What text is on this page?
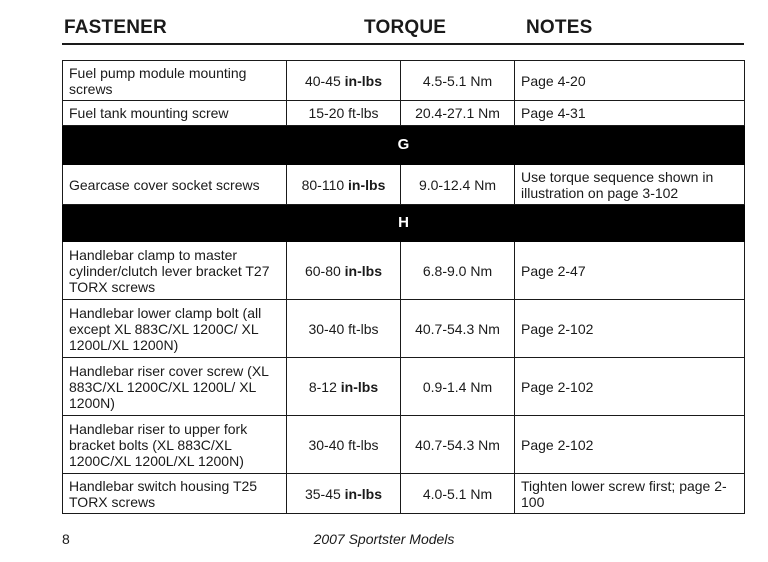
FASTENER	TORQUE	NOTES
Fuel pump module mounting screws	40-45 in-lbs	4.5-5.1 Nm	Page 4-20
Fuel tank mounting screw	15-20 ft-lbs	20.4-27.1 Nm	Page 4-31
G			
Gearcase cover socket screws	80-110 in-lbs	9.0-12.4 Nm	Use torque sequence shown in illustration on page 3-102
H			
Handlebar clamp to master cylinder/clutch lever bracket T27 TORX screws	60-80 in-lbs	6.8-9.0 Nm	Page 2-47
Handlebar lower clamp bolt (all except XL 883C/XL 1200C/ XL 1200L/XL 1200N)	30-40 ft-lbs	40.7-54.3 Nm	Page 2-102
Handlebar riser cover screw (XL 883C/XL 1200C/XL 1200L/ XL 1200N)	8-12 in-lbs	0.9-1.4 Nm	Page 2-102
Handlebar riser to upper fork bracket bolts (XL 883C/XL 1200C/XL 1200L/XL 1200N)	30-40 ft-lbs	40.7-54.3 Nm	Page 2-102
Handlebar switch housing T25 TORX screws	35-45 in-lbs	4.0-5.1 Nm	Tighten lower screw first; page 2-100
8	2007 Sportster Models
